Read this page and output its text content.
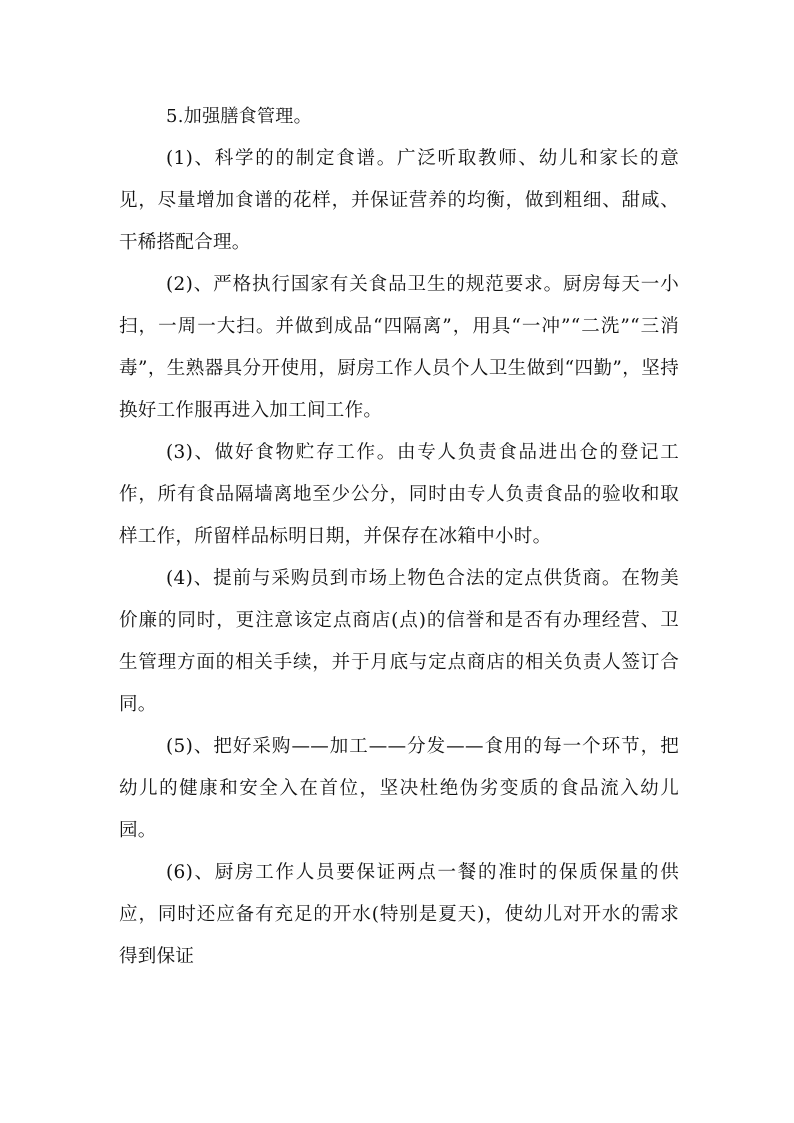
5.加强膳食管理。

(1)、科学的的制定食谱。广泛听取教师、幼儿和家长的意见，尽量增加食谱的花样，并保证营养的均衡，做到粗细、甜咸、干稀搭配合理。

(2)、严格执行国家有关食品卫生的规范要求。厨房每天一小扫，一周一大扫。并做到成品“四隔离”，用具“一冲”“二洗”“三消毒”，生熟器具分开使用，厨房工作人员个人卫生做到“四勤”，坚持换好工作服再进入加工间工作。

(3)、做好食物贮存工作。由专人负责食品进出仓的登记工作，所有食品隔墙离地至少公分，同时由专人负责食品的验收和取样工作，所留样品标明日期，并保存在冰箱中小时。

(4)、提前与采购员到市场上物色合法的定点供货商。在物美价廉的同时，更注意该定点商店(点)的信誉和是否有办理经营、卫生管理方面的相关手续，并于月底与定点商店的相关负责人签订合同。

(5)、把好采购——加工——分发——食用的每一个环节，把幼儿的健康和安全入在首位，坚决杜绝伪劣变质的食品流入幼儿园。

(6)、厨房工作人员要保证两点一餐的准时的保质保量的供应，同时还应备有充足的开水(特别是夏天)，使幼儿对开水的需求得到保证
